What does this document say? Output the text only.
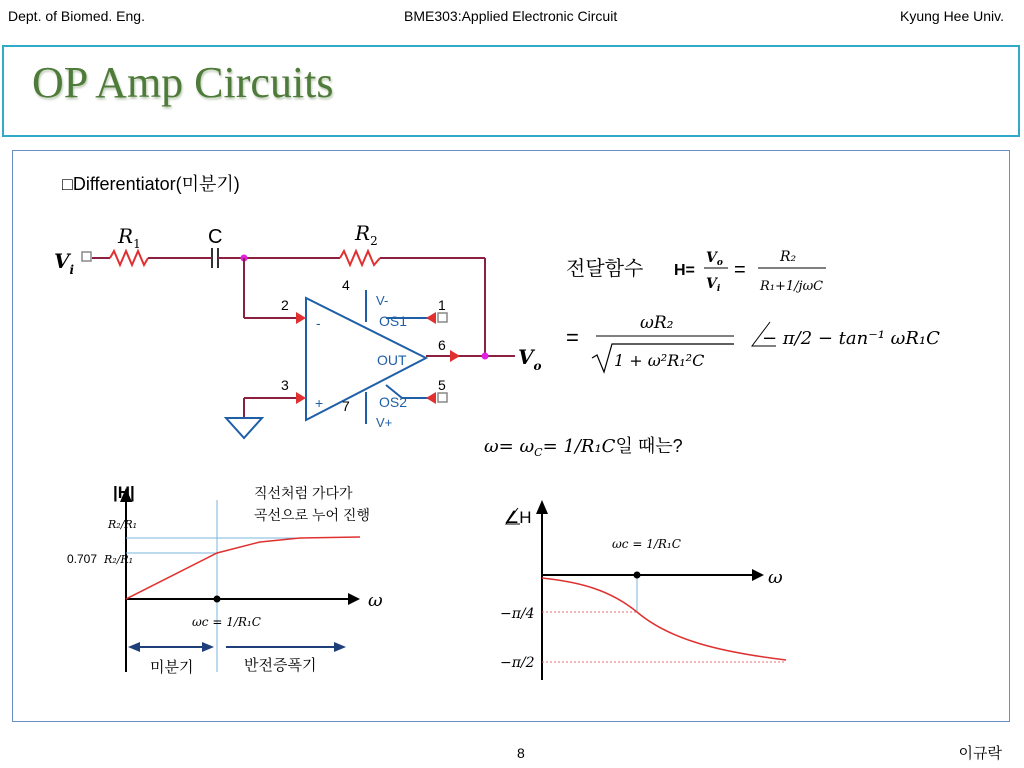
Dept. of Biomed. Eng.	BME303:Applied Electronic Circuit	Kyung Hee Univ.
OP Amp Circuits
□Differentiator(미분기)
$V_i$
$R_1$	C	$R_2$
$V_o$
4
2	1
6
3	5
7
V-
OS1
OUT
OS2
V+
-
+
전달함수 H=
$V_o$
$V_i$
=
R₂
R₁+1/jωC
=
ωR₂
1 + ω²R₁²C
− π/2 − tan⁻¹ ωR₁C
$\omega= \omega_C= 1/R_1C$일 때는?
|H|
R₂/R₁
0.707 R₂/R₁
직선처럼 가다가
곡선으로 누어 진행
ω
ωc = 1/R₁C
미분기	반전증폭기
∠H
ω
ωc = 1/R₁C
−π/4
−π/2
8	이규락
